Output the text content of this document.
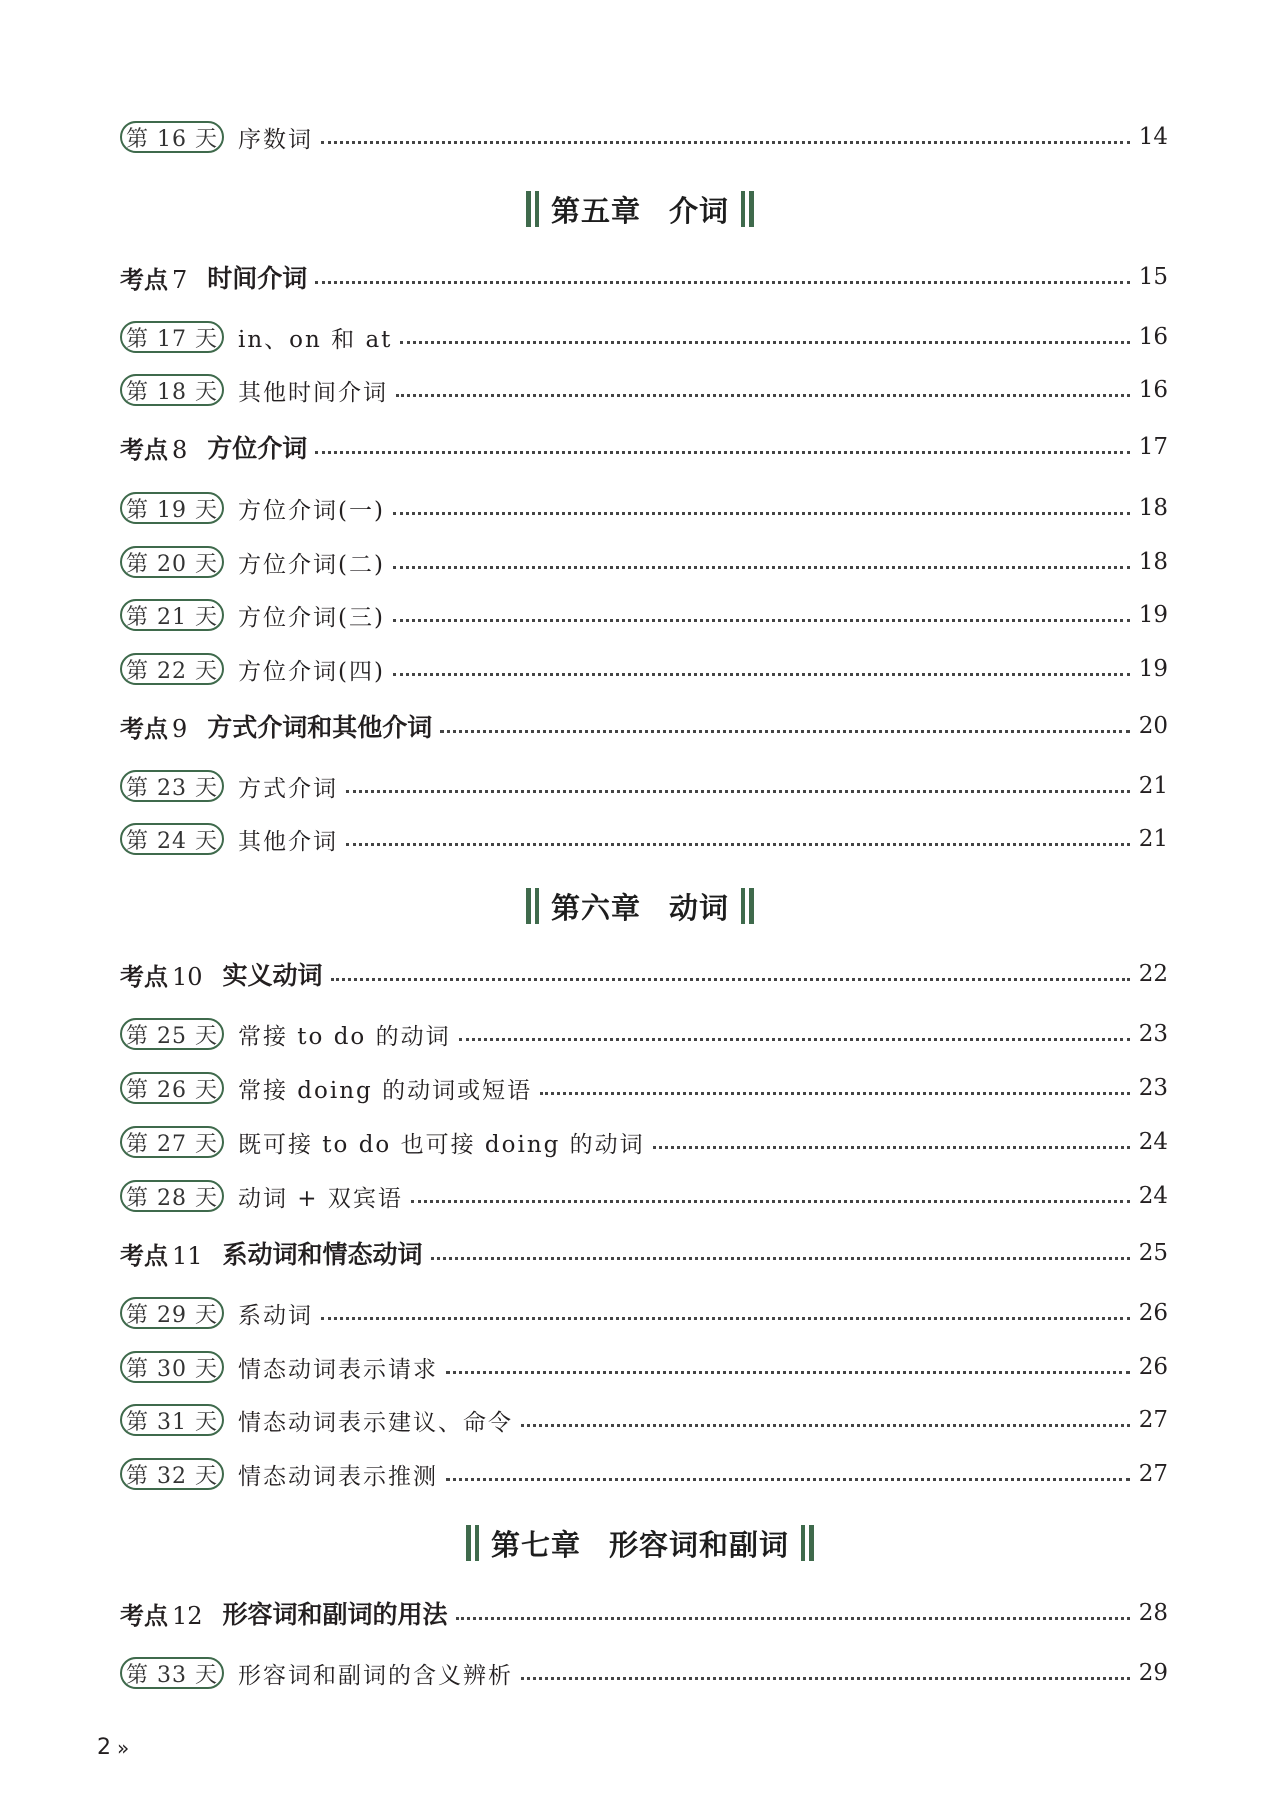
第 16 天 序数词	14
第五章 介词
考点 7 时间介词	15
第 17 天 in、on 和 at	16
第 18 天 其他时间介词	16
考点 8 方位介词	17
第 19 天 方位介词(一)	18
第 20 天 方位介词(二)	18
第 21 天 方位介词(三)	19
第 22 天 方位介词(四)	19
考点 9 方式介词和其他介词	20
第 23 天 方式介词	21
第 24 天 其他介词	21
第六章 动词
考点 10 实义动词	22
第 25 天 常接 to do 的动词	23
第 26 天 常接 doing 的动词或短语	23
第 27 天 既可接 to do 也可接 doing 的动词	24
第 28 天 动词 + 双宾语	24
考点 11 系动词和情态动词	25
第 29 天 系动词	26
第 30 天 情态动词表示请求	26
第 31 天 情态动词表示建议、命令	27
第 32 天 情态动词表示推测	27
第七章 形容词和副词
考点 12 形容词和副词的用法	28
第 33 天 形容词和副词的含义辨析	29
2 »
